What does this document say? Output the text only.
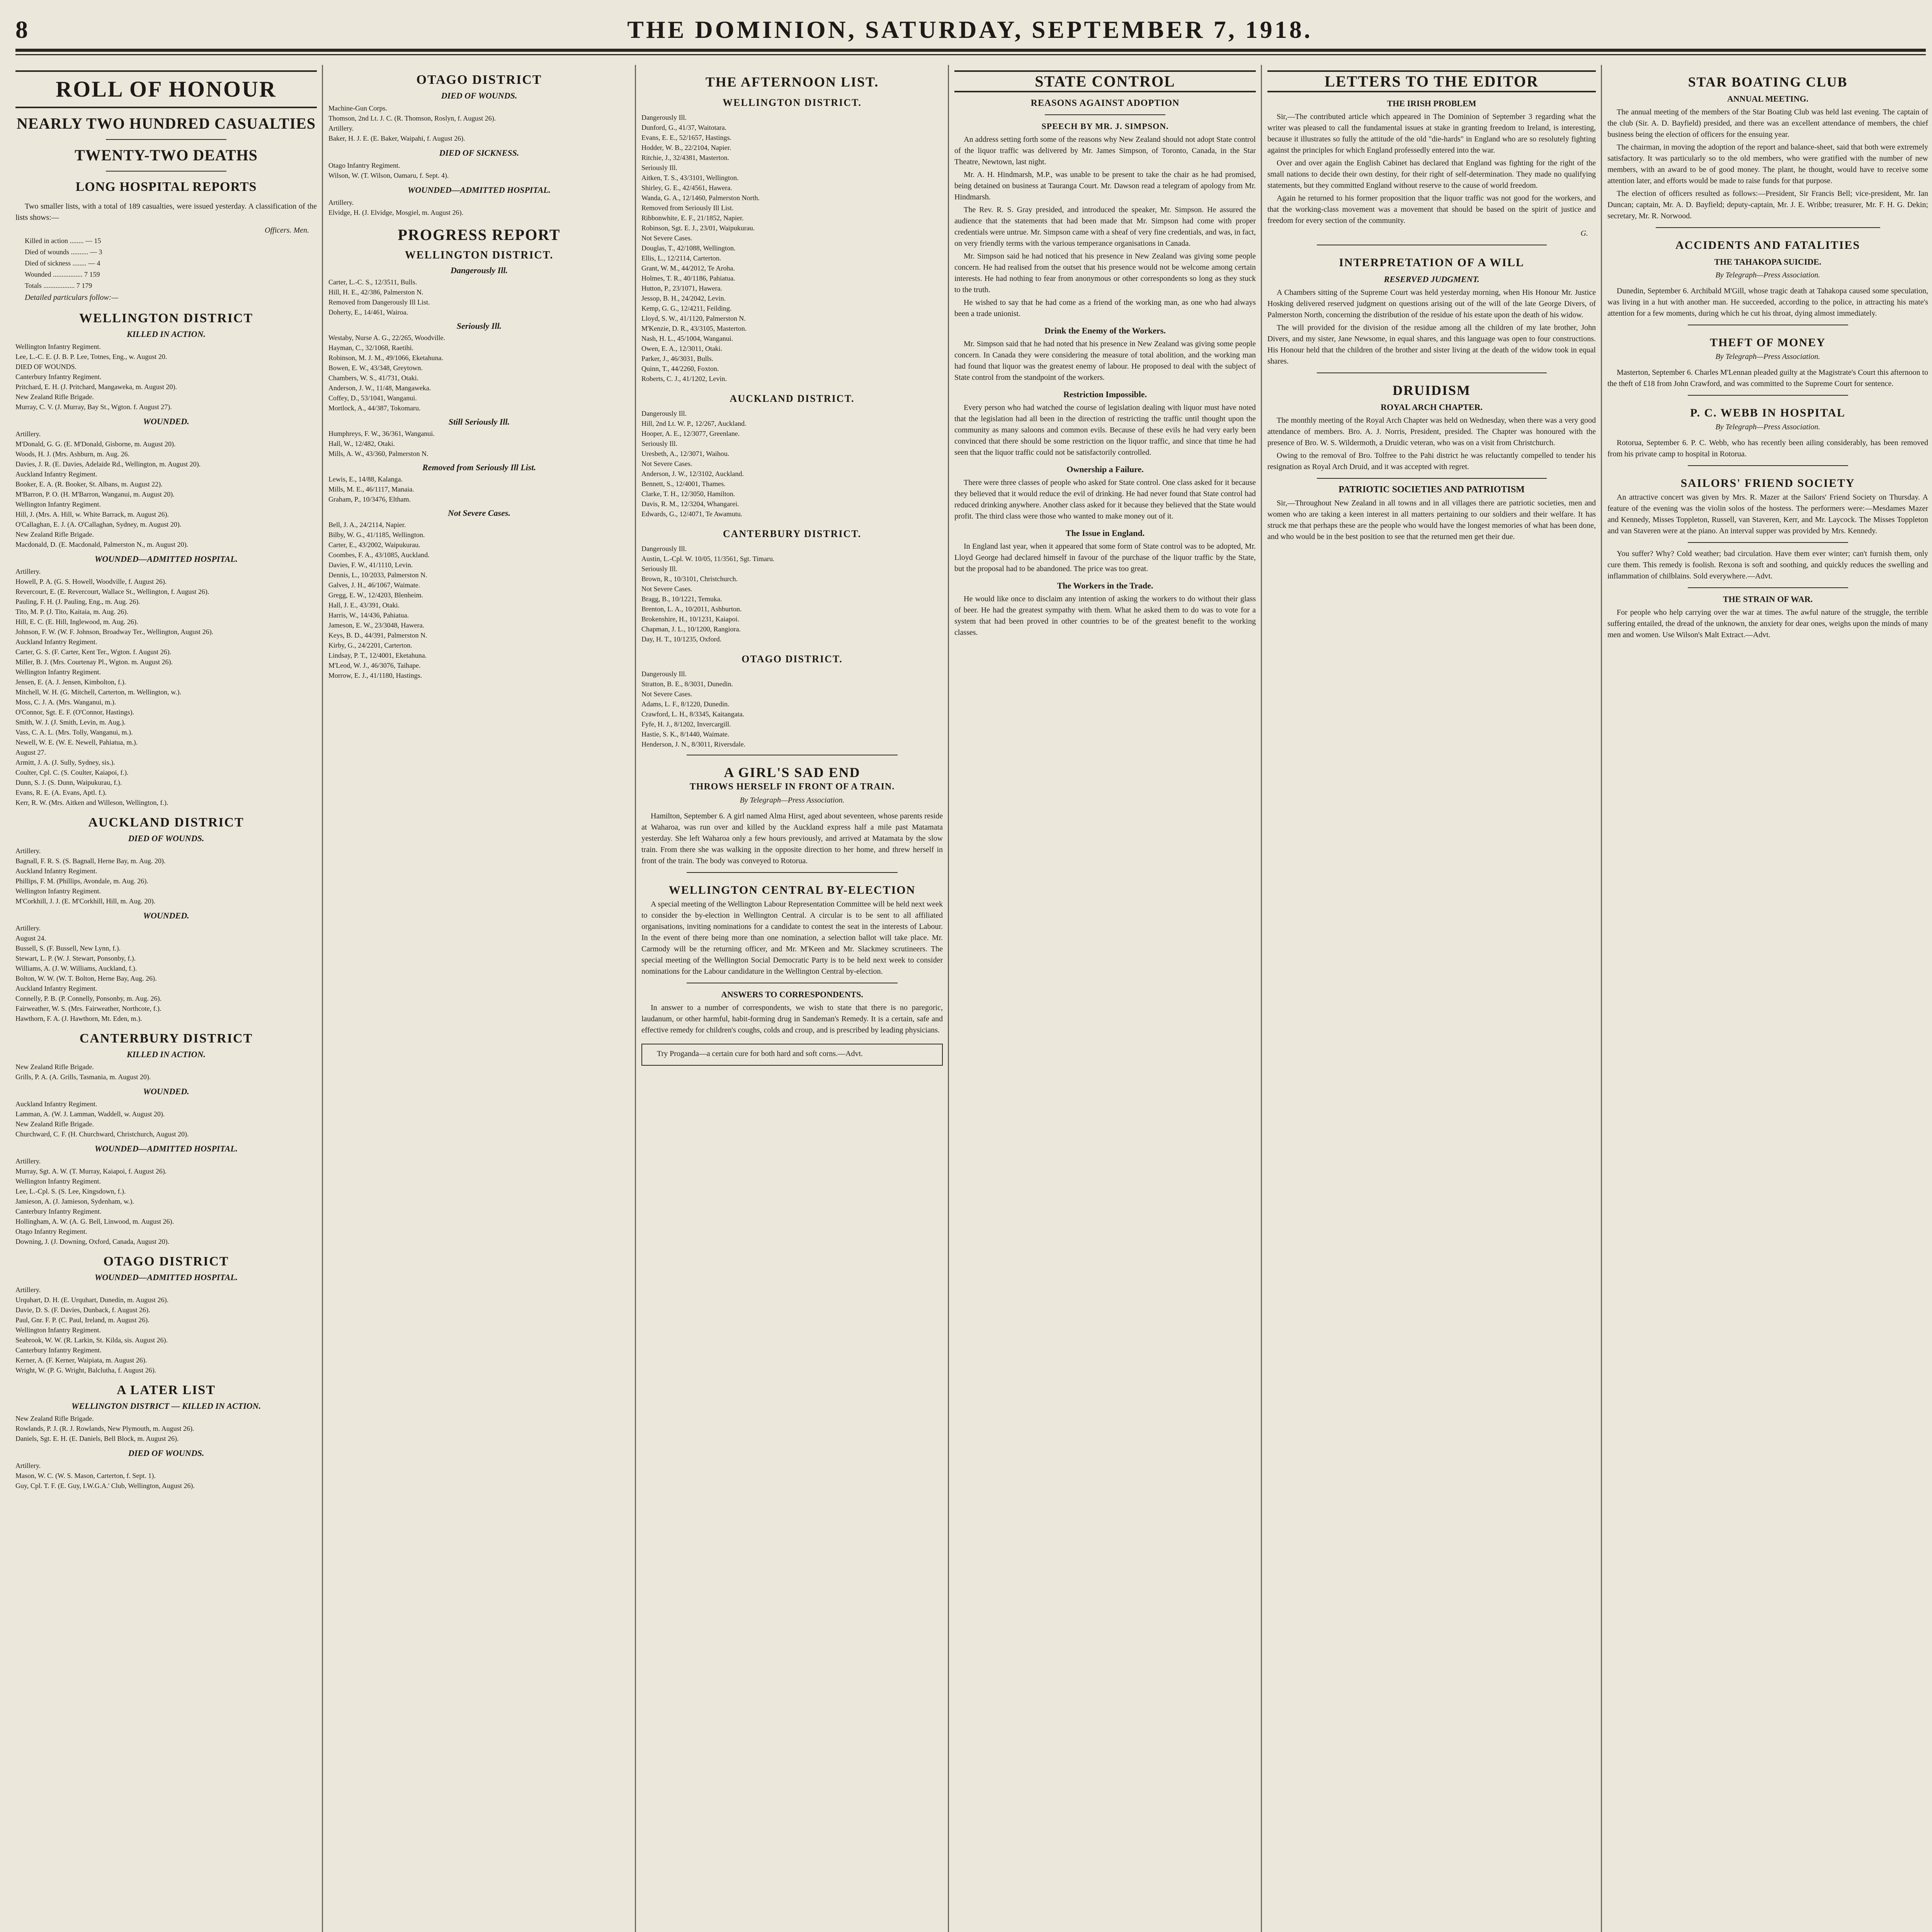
8	THE DOMINION, SATURDAY, SEPTEMBER 7, 1918.
ROLL OF HONOUR
NEARLY TWO HUNDRED CASUALTIES
TWENTY-TWO DEATHS
LONG HOSPITAL REPORTS

Two smaller lists, with a total of 189 casualties, were issued yesterday. A classification of the lists shows:—

Officers. Men.

Killed in action ........ — 15

Died of wounds .......... — 3

Died of sickness ........ — 4

Wounded ................. 7 159

Totals .................. 7 179

Detailed particulars follow:—

WELLINGTON DISTRICT
KILLED IN ACTION.

Wellington Infantry Regiment.

Lee, L.-C. E. (J. B. P. Lee, Totnes, Eng., w. August 20.

DIED OF WOUNDS.

Canterbury Infantry Regiment.

Pritchard, E. H. (J. Pritchard, Mangaweka, m. August 20).

New Zealand Rifle Brigade.

Murray, C. V. (J. Murray, Bay St., Wgton. f. August 27).

WOUNDED.

Artillery.

M'Donald, G. G. (E. M'Donald, Gisborne, m. August 20).

Woods, H. J. (Mrs. Ashburn, m. Aug. 26.

Davies, J. R. (E. Davies, Adelaide Rd., Wellington, m. August 20).

Auckland Infantry Regiment.

Booker, E. A. (R. Booker, St. Albans, m. August 22).

M'Barron, P. O. (H. M'Barron, Wanganui, m. August 20).

Wellington Infantry Regiment.

Hill, J. (Mrs. A. Hill, w. White Barrack, m. August 26).

O'Callaghan, E. J. (A. O'Callaghan, Sydney, m. August 20).

New Zealand Rifle Brigade.

Macdonald, D. (E. Macdonald, Palmerston N., m. August 20).

WOUNDED—ADMITTED HOSPITAL.

Artillery.

Howell, P. A. (G. S. Howell, Woodville, f. August 26).

Revercourt, E. (E. Revercourt, Wallace St., Wellington, f. August 26).

Pauling, F. H. (J. Pauling, Eng., m. Aug. 26).

Tito, M. P. (J. Tito, Kaitaia, m. Aug. 26).

Hill, E. C. (E. Hill, Inglewood, m. Aug. 26).

Johnson, F. W. (W. F. Johnson, Broadway Ter., Wellington, August 26).

Auckland Infantry Regiment.

Carter, G. S. (F. Carter, Kent Ter., Wgton. f. August 26).

Miller, B. J. (Mrs. Courtenay Pl., Wgton. m. August 26).

Wellington Infantry Regiment.

Jensen, E. (A. J. Jensen, Kimbolton, f.).

Mitchell, W. H. (G. Mitchell, Carterton, m. Wellington, w.).

Moss, C. J. A. (Mrs. Wanganui, m.).

O'Connor, Sgt. E. F. (O'Connor, Hastings).

Smith, W. J. (J. Smith, Levin, m. Aug.).

Vass, C. A. L. (Mrs. Tolly, Wanganui, m.).

Newell, W. E. (W. E. Newell, Pahiatua, m.).

August 27.

Armitt, J. A. (J. Sully, Sydney, sis.).

Coulter, Cpl. C. (S. Coulter, Kaiapoi, f.).

Dunn, S. J. (S. Dunn, Waipukurau, f.).

Evans, R. E. (A. Evans, Aptl. f.).

Kerr, R. W. (Mrs. Aitken and Willeson, Wellington, f.).

AUCKLAND DISTRICT
DIED OF WOUNDS.

Artillery.

Bagnall, F. R. S. (S. Bagnall, Herne Bay, m. Aug. 20).

Auckland Infantry Regiment.

Phillips, F. M. (Phillips, Avondale, m. Aug. 26).

Wellington Infantry Regiment.

M'Corkhill, J. J. (E. M'Corkhill, Hill, m. Aug. 20).

WOUNDED.

Artillery.

August 24.

Bussell, S. (F. Bussell, New Lynn, f.).

Stewart, L. P. (W. J. Stewart, Ponsonby, f.).

Williams, A. (J. W. Williams, Auckland, f.).

Bolton, W. W. (W. T. Bolton, Herne Bay, Aug. 26).

Auckland Infantry Regiment.

Connelly, P. B. (P. Connelly, Ponsonby, m. Aug. 26).

Fairweather, W. S. (Mrs. Fairweather, Northcote, f.).

Hawthorn, F. A. (J. Hawthorn, Mt. Eden, m.).

CANTERBURY DISTRICT
KILLED IN ACTION.

New Zealand Rifle Brigade.

Grills, P. A. (A. Grills, Tasmania, m. August 20).

WOUNDED.

Auckland Infantry Regiment.

Lamman, A. (W. J. Lamman, Waddell, w. August 20).

New Zealand Rifle Brigade.

Churchward, C. F. (H. Churchward, Christchurch, August 20).

WOUNDED—ADMITTED HOSPITAL.

Artillery.

Murray, Sgt. A. W. (T. Murray, Kaiapoi, f. August 26).

Wellington Infantry Regiment.

Lee, L.-Cpl. S. (S. Lee, Kingsdown, f.).

Jamieson, A. (J. Jamieson, Sydenham, w.).

Canterbury Infantry Regiment.

Hollingham, A. W. (A. G. Bell, Linwood, m. August 26).

Otago Infantry Regiment.

Downing, J. (J. Downing, Oxford, Canada, August 20).

OTAGO DISTRICT
WOUNDED—ADMITTED HOSPITAL.

Artillery.

Urquhart, D. H. (E. Urquhart, Dunedin, m. August 26).

Davie, D. S. (F. Davies, Dunback, f. August 26).

Paul, Gnr. F. P. (C. Paul, Ireland, m. August 26).

Wellington Infantry Regiment.

Seabrook, W. W. (R. Larkin, St. Kilda, sis. August 26).

Canterbury Infantry Regiment.

Kerner, A. (F. Kerner, Waipiata, m. August 26).

Wright, W. (P. G. Wright, Balclutha, f. August 26).

A LATER LIST
WELLINGTON DISTRICT — KILLED IN ACTION.

New Zealand Rifle Brigade.

Rowlands, P. J. (R. J. Rowlands, New Plymouth, m. August 26).

Daniels, Sgt. E. H. (E. Daniels, Bell Block, m. August 26).

DIED OF WOUNDS.

Artillery.

Mason, W. C. (W. S. Mason, Carterton, f. Sept. 1).

Guy, Cpl. T. F. (E. Guy, I.W.G.A.' Club, Wellington, August 26).

OTAGO DISTRICT
DIED OF WOUNDS.

Machine-Gun Corps.

Thomson, 2nd Lt. J. C. (R. Thomson, Roslyn, f. August 26).

Artillery.

Baker, H. J. E. (E. Baker, Waipahi, f. August 26).

DIED OF SICKNESS.

Otago Infantry Regiment.

Wilson, W. (T. Wilson, Oamaru, f. Sept. 4).

WOUNDED—ADMITTED HOSPITAL.

Artillery.

Elvidge, H. (J. Elvidge, Mosgiel, m. August 26).

PROGRESS REPORT
WELLINGTON DISTRICT.
Dangerously Ill.

Carter, L.-C. S., 12/3511, Bulls.

Hill, H. E., 42/386, Palmerston N.

Removed from Dangerously Ill List.

Doherty, E., 14/461, Wairoa.

Seriously Ill.

Westaby, Nurse A. G., 22/265, Woodville.

Hayman, C., 32/1068, Raetihi.

Robinson, M. J. M., 49/1066, Eketahuna.

Bowen, E. W., 43/348, Greytown.

Chambers, W. S., 41/731, Otaki.

Anderson, J. W., 11/48, Mangaweka.

Coffey, D., 53/1041, Wanganui.

Mortlock, A., 44/387, Tokomaru.

Still Seriously Ill.

Humphreys, F. W., 36/361, Wanganui.

Hall, W., 12/482, Otaki.

Mills, A. W., 43/360, Palmerston N.

Removed from Seriously Ill List.

Lewis, E., 14/88, Kalanga.

Mills, M. E., 46/1117, Manaia.

Graham, P., 10/3476, Eltham.

Not Severe Cases.

Bell, J. A., 24/2114, Napier.

Bilby, W. G., 41/1185, Wellington.

Carter, E., 43/2002, Waipukurau.

Coombes, F. A., 43/1085, Auckland.

Davies, F. W., 41/1110, Levin.

Dennis, L., 10/2033, Palmerston N.

Galves, J. H., 46/1067, Waimate.

Gregg, E. W., 12/4203, Blenheim.

Hall, J. E., 43/391, Otaki.

Harris, W., 14/436, Pahiatua.

Jameson, E. W., 23/3048, Hawera.

Keys, B. D., 44/391, Palmerston N.

Kirby, G., 24/2201, Carterton.

Lindsay, P. T., 12/4001, Eketahuna.

M'Leod, W. J., 46/3076, Taihape.

Morrow, E. J., 41/1180, Hastings.

THE AFTERNOON LIST.
WELLINGTON DISTRICT.

Dangerously Ill.

Dunford, G., 41/37, Waitotara.

Evans, E. E., 52/1657, Hastings.

Hodder, W. B., 22/2104, Napier.

Ritchie, J., 32/4381, Masterton.

Seriously Ill.

Aitken, T. S., 43/3101, Wellington.

Shirley, G. E., 42/4561, Hawera.

Wanda, G. A., 12/1460, Palmerston North.

Removed from Seriously Ill List.

Ribbonwhite, E. F., 21/1852, Napier.

Robinson, Sgt. E. J., 23/01, Waipukurau.

Not Severe Cases.

Douglas, T., 42/1088, Wellington.

Ellis, L., 12/2114, Carterton.

Grant, W. M., 44/2012, Te Aroha.

Holmes, T. R., 40/1186, Pahiatua.

Hutton, P., 23/1071, Hawera.

Jessop, B. H., 24/2042, Levin.

Kemp, G. G., 12/4211, Feilding.

Lloyd, S. W., 41/1120, Palmerston N.

M'Kenzie, D. R., 43/3105, Masterton.

Nash, H. L., 45/1004, Wanganui.

Owen, E. A., 12/3011, Otaki.

Parker, J., 46/3031, Bulls.

Quinn, T., 44/2260, Foxton.

Roberts, C. J., 41/1202, Levin.

AUCKLAND DISTRICT.

Dangerously Ill.

Hill, 2nd Lt. W. P., 12/267, Auckland.

Hooper, A. E., 12/3077, Greenlane.

Seriously Ill.

Uresbeth, A., 12/3071, Waihou.

Not Severe Cases.

Anderson, J. W., 12/3102, Auckland.

Bennett, S., 12/4001, Thames.

Clarke, T. H., 12/3050, Hamilton.

Davis, R. M., 12/3204, Whangarei.

Edwards, G., 12/4071, Te Awamutu.

CANTERBURY DISTRICT.

Dangerously Ill.

Austin, L.-Cpl. W. 10/05, 11/3561, Sgt. Timaru.

Seriously Ill.

Brown, R., 10/3101, Christchurch.

Not Severe Cases.

Bragg, B., 10/1221, Temuka.

Brenton, L. A., 10/2011, Ashburton.

Brokenshire, H., 10/1231, Kaiapoi.

Chapman, J. L., 10/1200, Rangiora.

Day, H. T., 10/1235, Oxford.

OTAGO DISTRICT.

Dangerously Ill.

Stratton, B. E., 8/3031, Dunedin.

Not Severe Cases.

Adams, L. F., 8/1220, Dunedin.

Crawford, L. H., 8/3345, Kaitangata.

Fyfe, H. J., 8/1202, Invercargill.

Hastie, S. K., 8/1440, Waimate.

Henderson, J. N., 8/3011, Riversdale.

A GIRL'S SAD END
THROWS HERSELF IN FRONT OF A TRAIN.
By Telegraph—Press Association.

Hamilton, September 6. A girl named Alma Hirst, aged about seventeen, whose parents reside at Waharoa, was run over and killed by the Auckland express half a mile past Matamata yesterday. She left Waharoa only a few hours previously, and arrived at Matamata by the slow train. From there she was walking in the opposite direction to her home, and threw herself in front of the train. The body was conveyed to Rotorua.

WELLINGTON CENTRAL BY-ELECTION

A special meeting of the Wellington Labour Representation Committee will be held next week to consider the by-election in Wellington Central. A circular is to be sent to all affiliated organisations, inviting nominations for a candidate to contest the seat in the interests of Labour. In the event of there being more than one nomination, a selection ballot will take place. Mr. Carmody will be the returning officer, and Mr. M'Keen and Mr. Slackmey scrutineers. The special meeting of the Wellington Social Democratic Party is to be held next week to consider nominations for the Labour candidature in the Wellington Central by-election.

ANSWERS TO CORRESPONDENTS.

In answer to a number of correspondents, we wish to state that there is no paregoric, laudanum, or other harmful, habit-forming drug in Sandeman's Remedy. It is a certain, safe and effective remedy for children's coughs, colds and croup, and is prescribed by leading physicians.

Try Proganda—a certain cure for both hard and soft corns.—Advt.

STATE CONTROL
REASONS AGAINST ADOPTION
SPEECH BY MR. J. SIMPSON.

An address setting forth some of the reasons why New Zealand should not adopt State control of the liquor traffic was delivered by Mr. James Simpson, of Toronto, Canada, in the Star Theatre, Newtown, last night.

Mr. A. H. Hindmarsh, M.P., was unable to be present to take the chair as he had promised, being detained on business at Tauranga Court. Mr. Dawson read a telegram of apology from Mr. Hindmarsh.

The Rev. R. S. Gray presided, and introduced the speaker, Mr. Simpson. He assured the audience that the statements that had been made that Mr. Simpson had come with proper credentials were untrue. Mr. Simpson came with a sheaf of very fine credentials, and was, in fact, on very friendly terms with the various temperance organisations in Canada.

Mr. Simpson said he had noticed that his presence in New Zealand was giving some people concern. He had realised from the outset that his presence would not be welcome among certain interests. He had nothing to fear from anonymous or other correspondents so long as they stuck to the truth.

He wished to say that he had come as a friend of the working man, as one who had always been a trade unionist.

Drink the Enemy of the Workers.

Mr. Simpson said that he had noted that his presence in New Zealand was giving some people concern. In Canada they were considering the measure of total abolition, and the working man had found that liquor was the greatest enemy of labour. He proposed to deal with the subject of State control from the standpoint of the workers.

Restriction Impossible.

Every person who had watched the course of legislation dealing with liquor must have noted that the legislation had all been in the direction of restricting the traffic until thought upon the community as many saloons and common evils. Because of these evils he had very early been convinced that there should be some restriction on the liquor traffic, and since that time he had seen that the liquor traffic could not be satisfactorily controlled.

Ownership a Failure.

There were three classes of people who asked for State control. One class asked for it because they believed that it would reduce the evil of drinking. He had never found that State control had reduced drinking anywhere. Another class asked for it because they believed that the State would profit. The third class were those who wanted to make money out of it.

The Issue in England.

In England last year, when it appeared that some form of State control was to be adopted, Mr. Lloyd George had declared himself in favour of the purchase of the liquor traffic by the State, but the proposal had to be abandoned. The price was too great.

The Workers in the Trade.

He would like once to disclaim any intention of asking the workers to do without their glass of beer. He had the greatest sympathy with them. What he asked them to do was to vote for a system that had been proved in other countries to be of the greatest benefit to the working classes.

LETTERS TO THE EDITOR
THE IRISH PROBLEM

Sir,—The contributed article which appeared in The Dominion of September 3 regarding what the writer was pleased to call the fundamental issues at stake in granting freedom to Ireland, is interesting, because it illustrates so fully the attitude of the old "die-hards" in England who are so resolutely fighting against the principles for which England professedly entered into the war.

Over and over again the English Cabinet has declared that England was fighting for the right of the small nations to decide their own destiny, for their right of self-determination. They made no qualifying statements, but they committed England without reserve to the cause of world freedom.

Again he returned to his former proposition that the liquor traffic was not good for the workers, and that the working-class movement was a movement that should be based on the spirit of justice and freedom for every section of the community.

G.

INTERPRETATION OF A WILL
RESERVED JUDGMENT.

A Chambers sitting of the Supreme Court was held yesterday morning, when His Honour Mr. Justice Hosking delivered reserved judgment on questions arising out of the will of the late George Divers, of Palmerston North, concerning the distribution of the residue of his estate upon the death of his widow.

The will provided for the division of the residue among all the children of my late brother, John Divers, and my sister, Jane Newsome, in equal shares, and this language was open to four constructions. His Honour held that the children of the brother and sister living at the death of the widow took in equal shares.

DRUIDISM
ROYAL ARCH CHAPTER.

The monthly meeting of the Royal Arch Chapter was held on Wednesday, when there was a very good attendance of members. Bro. A. J. Norris, President, presided. The Chapter was honoured with the presence of Bro. W. S. Wildermoth, a Druidic veteran, who was on a visit from Christchurch.

Owing to the removal of Bro. Tolfree to the Pahi district he was reluctantly compelled to tender his resignation as Royal Arch Druid, and it was accepted with regret.

PATRIOTIC SOCIETIES AND PATRIOTISM

Sir,—Throughout New Zealand in all towns and in all villages there are patriotic societies, men and women who are taking a keen interest in all matters pertaining to our soldiers and their welfare. It has struck me that perhaps these are the people who would have the longest memories of what has been done, and who would be in the best position to see that the returned men get their due.

STAR BOATING CLUB
ANNUAL MEETING.

The annual meeting of the members of the Star Boating Club was held last evening. The captain of the club (Sir. A. D. Bayfield) presided, and there was an excellent attendance of members, the chief business being the election of officers for the ensuing year.

The chairman, in moving the adoption of the report and balance-sheet, said that both were extremely satisfactory. It was particularly so to the old members, who were gratified with the number of new members, with an award to be of good money. The plant, he thought, would have to receive some attention later, and efforts would be made to raise funds for that purpose.

The election of officers resulted as follows:—President, Sir Francis Bell; vice-president, Mr. Ian Duncan; captain, Mr. A. D. Bayfield; deputy-captain, Mr. J. E. Wribbe; treasurer, Mr. F. H. G. Dekin; secretary, Mr. R. Norwood.

ACCIDENTS AND FATALITIES
THE TAHAKOPA SUICIDE.
By Telegraph—Press Association.

Dunedin, September 6. Archibald M'Gill, whose tragic death at Tahakopa caused some speculation, was living in a hut with another man. He succeeded, according to the police, in attracting his mate's attention for a few moments, during which he cut his throat, dying almost immediately.

THEFT OF MONEY
By Telegraph—Press Association.

Masterton, September 6. Charles M'Lennan pleaded guilty at the Magistrate's Court this afternoon to the theft of £18 from John Crawford, and was committed to the Supreme Court for sentence.

P. C. WEBB IN HOSPITAL
By Telegraph—Press Association.

Rotorua, September 6. P. C. Webb, who has recently been ailing considerably, has been removed from his private camp to hospital in Rotorua.

SAILORS' FRIEND SOCIETY

An attractive concert was given by Mrs. R. Mazer at the Sailors' Friend Society on Thursday. A feature of the evening was the violin solos of the hostess. The performers were:—Mesdames Mazer and Kennedy, Misses Toppleton, Russell, van Staveren, Kerr, and Mr. Laycock. The Misses Toppleton and van Staveren were at the piano. An interval supper was provided by Mrs. Kennedy.

You suffer? Why? Cold weather; bad circulation. Have them ever winter; can't furnish them, only cure them. This remedy is foolish. Rexona is soft and soothing, and quickly reduces the swelling and inflammation of chilblains. Sold everywhere.—Advt.

THE STRAIN OF WAR.

For people who help carrying over the war at times. The awful nature of the struggle, the terrible suffering entailed, the dread of the unknown, the anxiety for dear ones, weighs upon the minds of many men and women. Use Wilson's Malt Extract.—Advt.
